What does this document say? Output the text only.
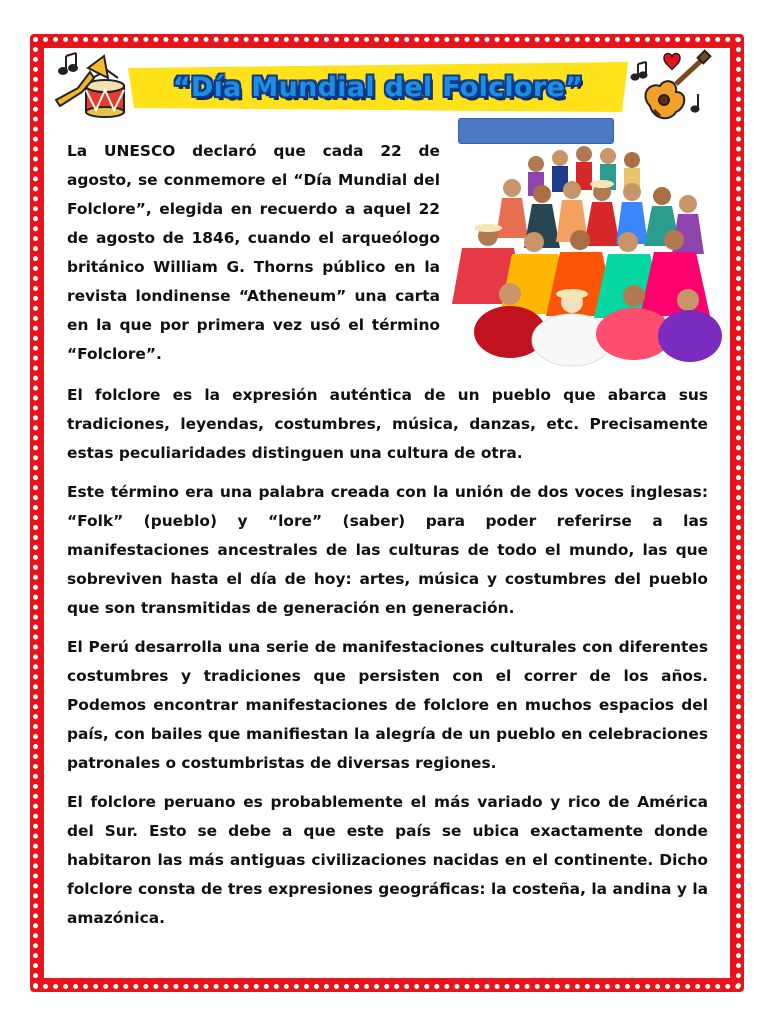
“Día Mundial del Folclore”

La UNESCO declaró que cada 22 de agosto, se conmemore el “Día Mundial del Folclore”, elegida en recuerdo a aquel 22 de agosto de 1846, cuando el arqueólogo británico William G. Thorns público en la revista londinense “Atheneum” una carta en la que por primera vez usó el término “Folclore”.

El folclore es la expresión auténtica de un pueblo que abarca sus tradiciones, leyendas, costumbres, música, danzas, etc. Precisamente estas peculiaridades distinguen una cultura de otra.

Este término era una palabra creada con la unión de dos voces inglesas: “Folk” (pueblo) y “lore” (saber) para poder referirse a las manifestaciones ancestrales de las culturas de todo el mundo, las que sobreviven hasta el día de hoy: artes, música y costumbres del pueblo que son transmitidas de generación en generación.

El Perú desarrolla una serie de manifestaciones culturales con diferentes costumbres y tradiciones que persisten con el correr de los años. Podemos encontrar manifestaciones de folclore en muchos espacios del país, con bailes que manifiestan la alegría de un pueblo en celebraciones patronales o costumbristas de diversas regiones.

El folclore peruano es probablemente el más variado y rico de América del Sur. Esto se debe a que este país se ubica exactamente donde habitaron las más antiguas civilizaciones nacidas en el continente. Dicho folclore consta de tres expresiones geográficas: la costeña, la andina y la amazónica.
